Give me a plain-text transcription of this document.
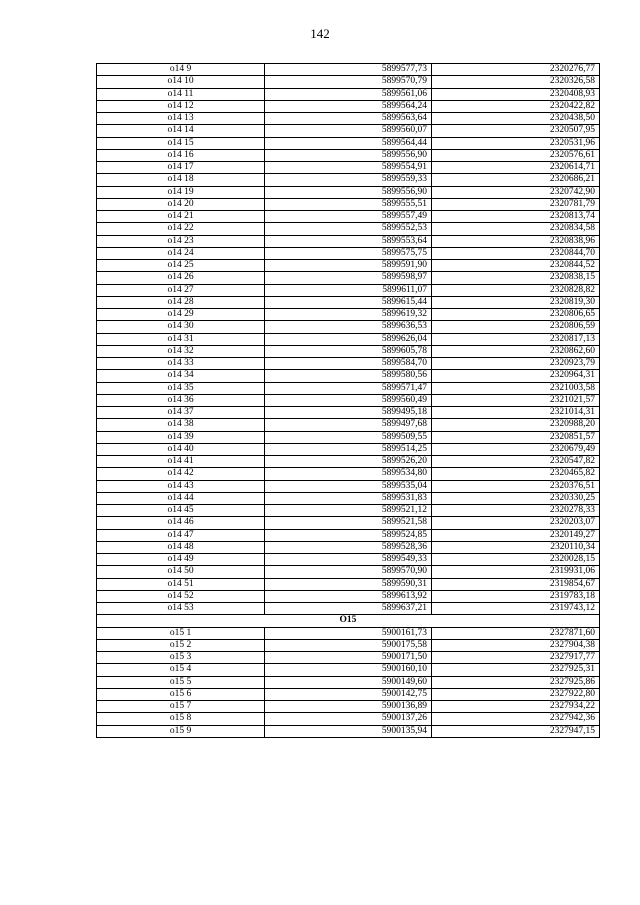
142
o14 9	5899577,73	2320276,77
o14 10	5899570,79	2320326,58
o14 11	5899561,06	2320408,93
o14 12	5899564,24	2320422,82
o14 13	5899563,64	2320438,50
o14 14	5899560,07	2320507,95
o14 15	5899564,44	2320531,96
o14 16	5899556,90	2320576,61
o14 17	5899554,91	2320614,71
o14 18	5899559,33	2320686,21
o14 19	5899556,90	2320742,90
o14 20	5899555,51	2320781,79
o14 21	5899557,49	2320813,74
o14 22	5899552,53	2320834,58
o14 23	5899553,64	2320838,96
o14 24	5899575,75	2320844,70
o14 25	5899591,90	2320844,52
o14 26	5899598,97	2320838,15
o14 27	5899611,07	2320828,82
o14 28	5899615,44	2320819,30
o14 29	5899619,32	2320806,65
o14 30	5899636,53	2320806,59
o14 31	5899626,04	2320817,13
o14 32	5899605,78	2320862,60
o14 33	5899584,70	2320923,79
o14 34	5899580,56	2320964,31
o14 35	5899571,47	2321003,58
o14 36	5899560,49	2321021,57
o14 37	5899495,18	2321014,31
o14 38	5899497,68	2320988,20
o14 39	5899509,55	2320851,57
o14 40	5899514,25	2320679,49
o14 41	5899526,20	2320547,82
o14 42	5899534,80	2320465,82
o14 43	5899535,04	2320376,51
o14 44	5899531,83	2320330,25
o14 45	5899521,12	2320278,33
o14 46	5899521,58	2320203,07
o14 47	5899524,85	2320149,27
o14 48	5899528,36	2320110,34
o14 49	5899549,33	2320028,15
o14 50	5899570,90	2319931,06
o14 51	5899590,31	2319854,67
o14 52	5899613,92	2319783,18
o14 53	5899637,21	2319743,12
O15		
o15 1	5900161,73	2327871,60
o15 2	5900175,58	2327904,38
o15 3	5900171,50	2327917,77
o15 4	5900160,10	2327925,31
o15 5	5900149,60	2327925,86
o15 6	5900142,75	2327922,80
o15 7	5900136,89	2327934,22
o15 8	5900137,26	2327942,36
o15 9	5900135,94	2327947,15
